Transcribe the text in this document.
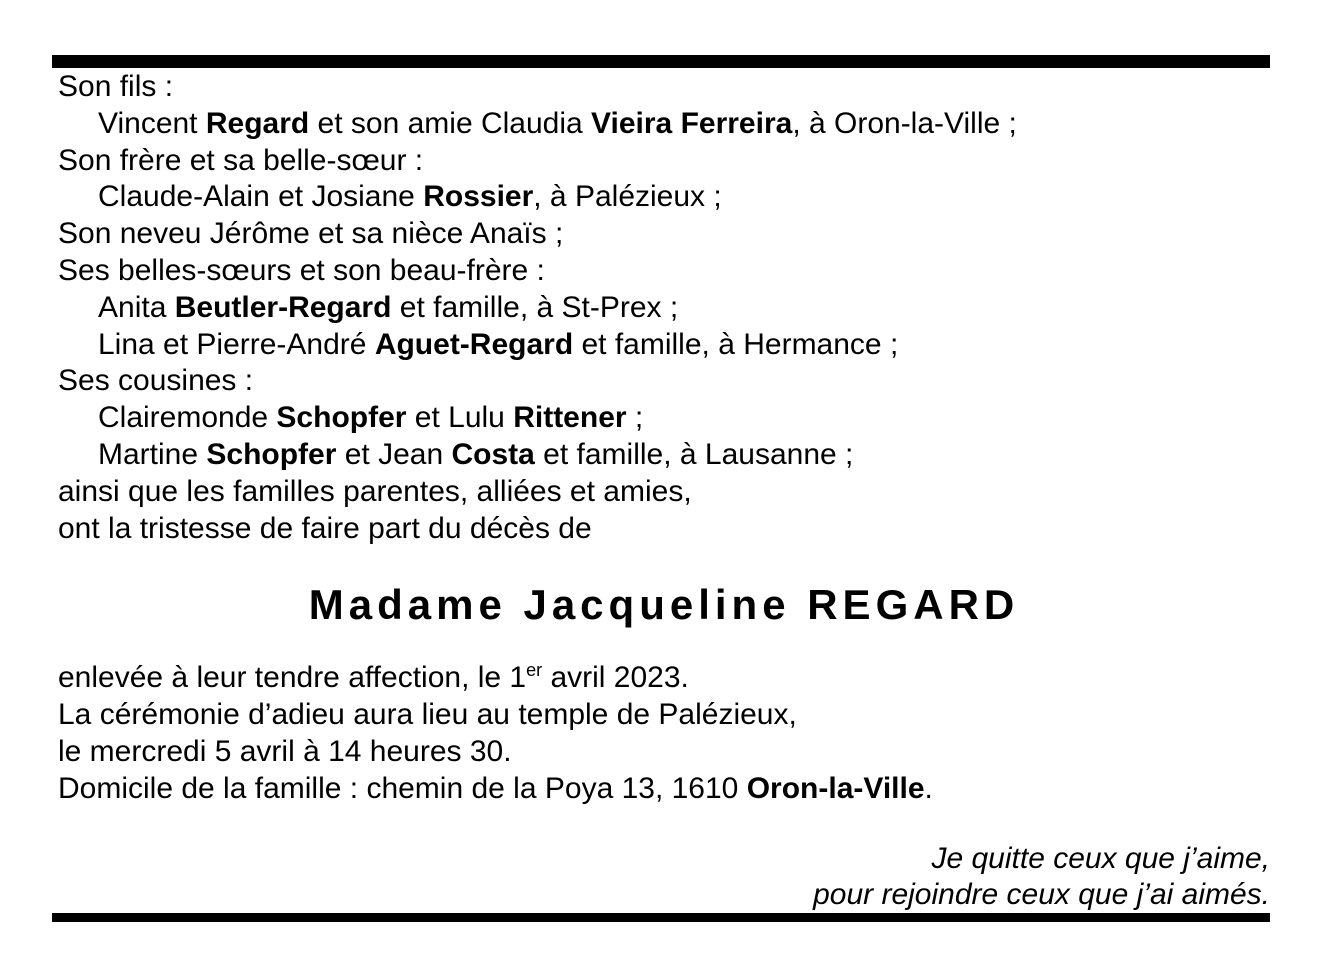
Son fils :

Vincent Regard et son amie Claudia Vieira Ferreira, à Oron-la-Ville ;

Son frère et sa belle-sœur :

Claude-Alain et Josiane Rossier, à Palézieux ;

Son neveu Jérôme et sa nièce Anaïs ;

Ses belles-sœurs et son beau-frère :

Anita Beutler-Regard et famille, à St-Prex ;

Lina et Pierre-André Aguet-Regard et famille, à Hermance ;

Ses cousines :

Clairemonde Schopfer et Lulu Rittener ;

Martine Schopfer et Jean Costa et famille, à Lausanne ;

ainsi que les familles parentes, alliées et amies,

ont la tristesse de faire part du décès de

Madame Jacqueline REGARD

enlevée à leur tendre affection, le 1er avril 2023.

La cérémonie d’adieu aura lieu au temple de Palézieux,

le mercredi 5 avril à 14 heures 30.

Domicile de la famille : chemin de la Poya 13, 1610 Oron-la-Ville.

Je quitte ceux que j’aime,

pour rejoindre ceux que j’ai aimés.
